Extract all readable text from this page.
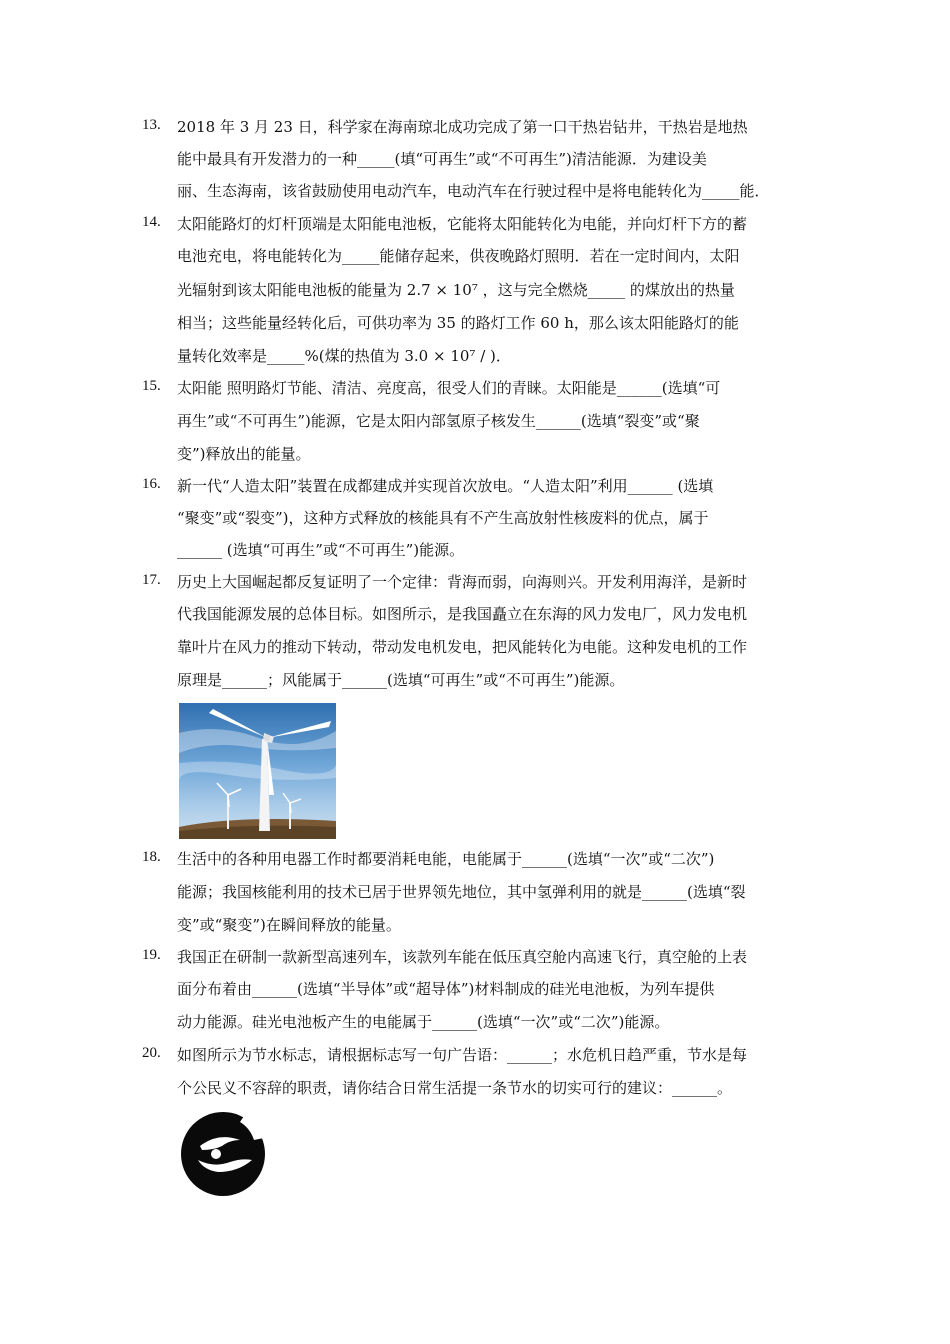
13. 2018 年 3 月 23 日，科学家在海南琼北成功完成了第一口干热岩钻井，干热岩是地热
能中最具有开发潜力的一种_____(填“可再生”或“不可再生”)清洁能源．为建设美
丽、生态海南，该省鼓励使用电动汽车，电动汽车在行驶过程中是将电能转化为_____能．
14. 太阳能路灯的灯杆顶端是太阳能电池板，它能将太阳能转化为电能，并向灯杆下方的蓄
电池充电，将电能转化为_____能储存起来，供夜晚路灯照明．若在一定时间内，太阳
光辐射到该太阳能电池板的能量为 2.7 × 10⁷ ，这与完全燃烧_____ 的煤放出的热量
相当；这些能量经转化后，可供功率为 35 的路灯工作 60 h，那么该太阳能路灯的能
量转化效率是_____%(煤的热值为 3.0 × 10⁷ / )．
15. 太阳能 照明路灯节能、清洁、亮度高，很受人们的青睐。太阳能是______(选填“可
再生”或“不可再生”)能源，它是太阳内部氢原子核发生______(选填“裂变”或“聚
变”)释放出的能量。
16. 新一代“人造太阳”装置在成都建成并实现首次放电。“人造太阳”利用______ (选填
“聚变”或“裂变”)，这种方式释放的核能具有不产生高放射性核废料的优点，属于
______ (选填“可再生”或“不可再生”)能源。
17. 历史上大国崛起都反复证明了一个定律：背海而弱，向海则兴。开发利用海洋，是新时
代我国能源发展的总体目标。如图所示，是我国矗立在东海的风力发电厂，风力发电机
靠叶片在风力的推动下转动，带动发电机发电，把风能转化为电能。这种发电机的工作
原理是______；风能属于______(选填“可再生”或“不可再生”)能源。
18. 生活中的各种用电器工作时都要消耗电能，电能属于______(选填“一次”或“二次”)
能源；我国核能利用的技术已居于世界领先地位，其中氢弹利用的就是______(选填“裂
变”或“聚变”)在瞬间释放的能量。
19. 我国正在研制一款新型高速列车，该款列车能在低压真空舱内高速飞行，真空舱的上表
面分布着由______(选填“半导体”或“超导体”)材料制成的硅光电池板，为列车提供
动力能源。硅光电池板产生的电能属于______(选填“一次”或“二次”)能源。
20. 如图所示为节水标志，请根据标志写一句广告语：______；水危机日趋严重，节水是每
个公民义不容辞的职责，请你结合日常生活提一条节水的切实可行的建议：______。
